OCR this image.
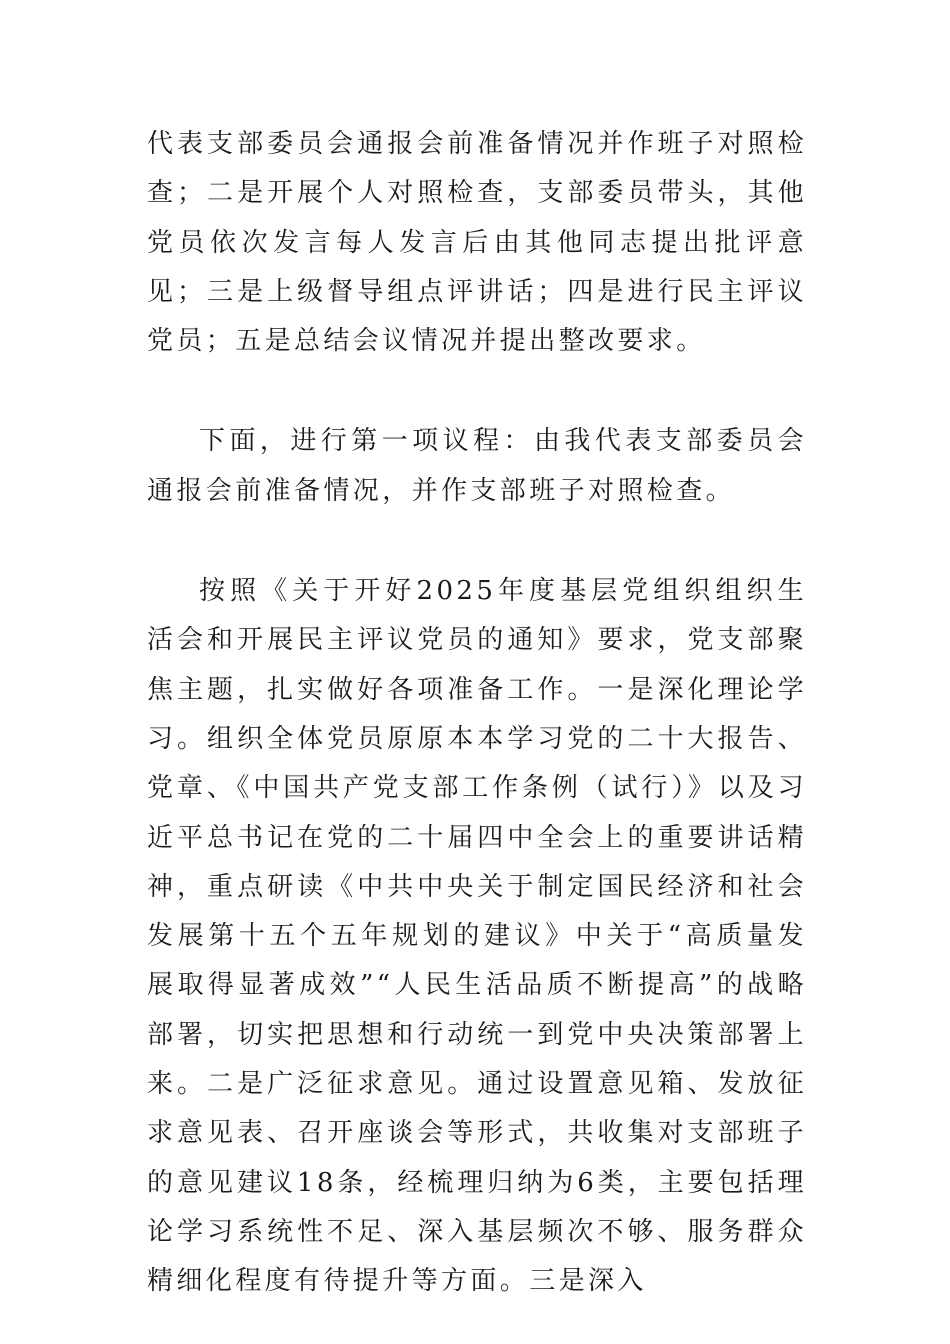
代表支部委员会通报会前准备情况并作班子对照检查；二是开展个人对照检查，支部委员带头，其他党员依次发言每人发言后由其他同志提出批评意见；三是上级督导组点评讲话；四是进行民主评议党员；五是总结会议情况并提出整改要求。

下面，进行第一项议程：由我代表支部委员会通报会前准备情况，并作支部班子对照检查。

按照《关于开好2025年度基层党组织组织生活会和开展民主评议党员的通知》要求，党支部聚焦主题，扎实做好各项准备工作。一是深化理论学习。组织全体党员原原本本学习党的二十大报告、党章、《中国共产党支部工作条例（试行）》以及习近平总书记在党的二十届四中全会上的重要讲话精神，重点研读《中共中央关于制定国民经济和社会发展第十五个五年规划的建议》中关于“高质量发展取得显著成效”“人民生活品质不断提高”的战略部署，切实把思想和行动统一到党中央决策部署上来。二是广泛征求意见。通过设置意见箱、发放征求意见表、召开座谈会等形式，共收集对支部班子的意见建议18条，经梳理归纳为6类，主要包括理论学习系统性不足、深入基层频次不够、服务群众精细化程度有待提升等方面。三是深入
